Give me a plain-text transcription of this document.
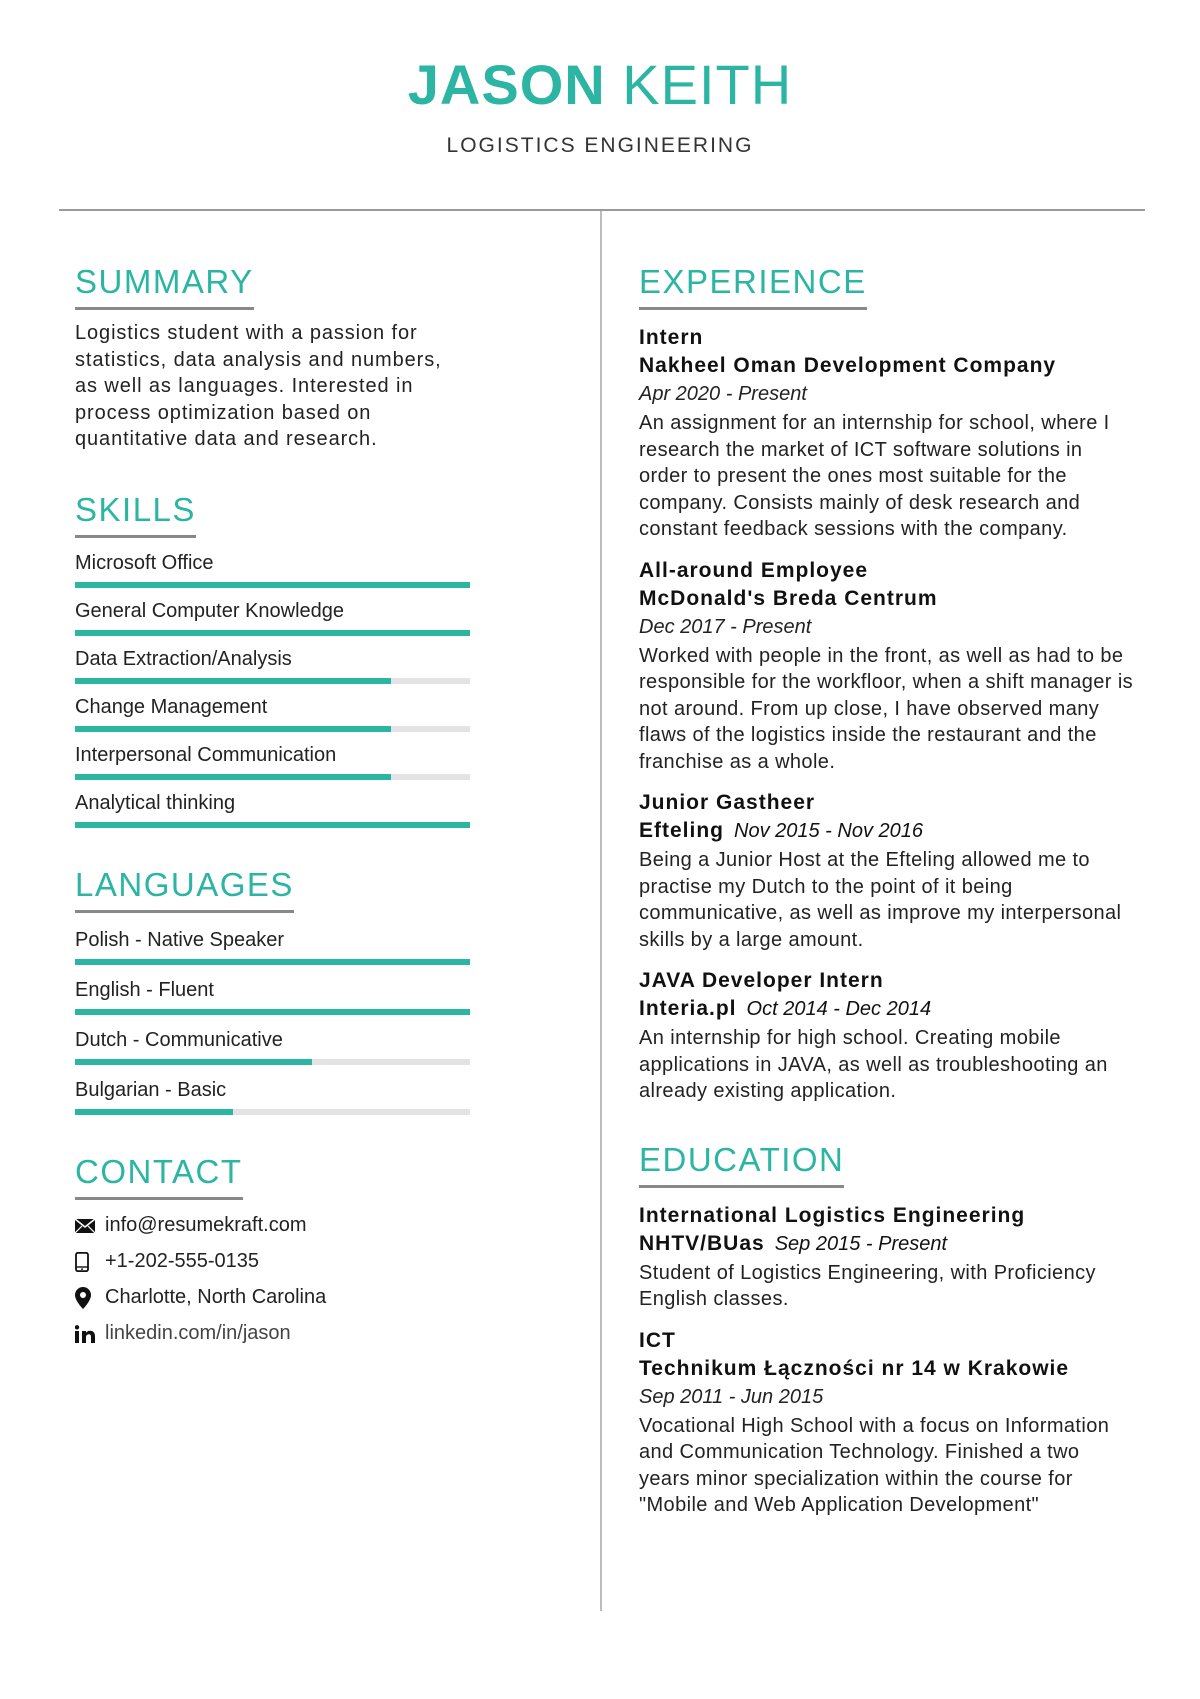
JASON KEITH
LOGISTICS ENGINEERING
SUMMARY

Logistics student with a passion for statistics, data analysis and numbers, as well as languages. Interested in process optimization based on quantitative data and research.

SKILLS
Microsoft Office
General Computer Knowledge
Data Extraction/Analysis
Change Management
Interpersonal Communication
Analytical thinking
LANGUAGES
Polish - Native Speaker
English - Fluent
Dutch - Communicative
Bulgarian - Basic
CONTACT
info@resumekraft.com
+1-202-555-0135
Charlotte, North Carolina
linkedin.com/in/jason
EXPERIENCE
Intern
Nakheel Oman Development Company
Apr 2020 - Present
An assignment for an internship for school, where I research the market of ICT software solutions in order to present the ones most suitable for the company. Consists mainly of desk research and constant feedback sessions with the company.
All-around Employee
McDonald's Breda Centrum
Dec 2017 - Present
Worked with people in the front, as well as had to be responsible for the workfloor, when a shift manager is not around. From up close, I have observed many flaws of the logistics inside the restaurant and the franchise as a whole.
Junior Gastheer
Efteling Nov 2015 - Nov 2016
Being a Junior Host at the Efteling allowed me to practise my Dutch to the point of it being communicative, as well as improve my interpersonal skills by a large amount.
JAVA Developer Intern
Interia.pl Oct 2014 - Dec 2014
An internship for high school. Creating mobile applications in JAVA, as well as troubleshooting an already existing application.
EDUCATION
International Logistics Engineering
NHTV/BUas Sep 2015 - Present
Student of Logistics Engineering, with Proficiency English classes.
ICT
Technikum Łączności nr 14 w Krakowie
Sep 2011 - Jun 2015
Vocational High School with a focus on Information and Communication Technology. Finished a two years minor specialization within the course for "Mobile and Web Application Development"
